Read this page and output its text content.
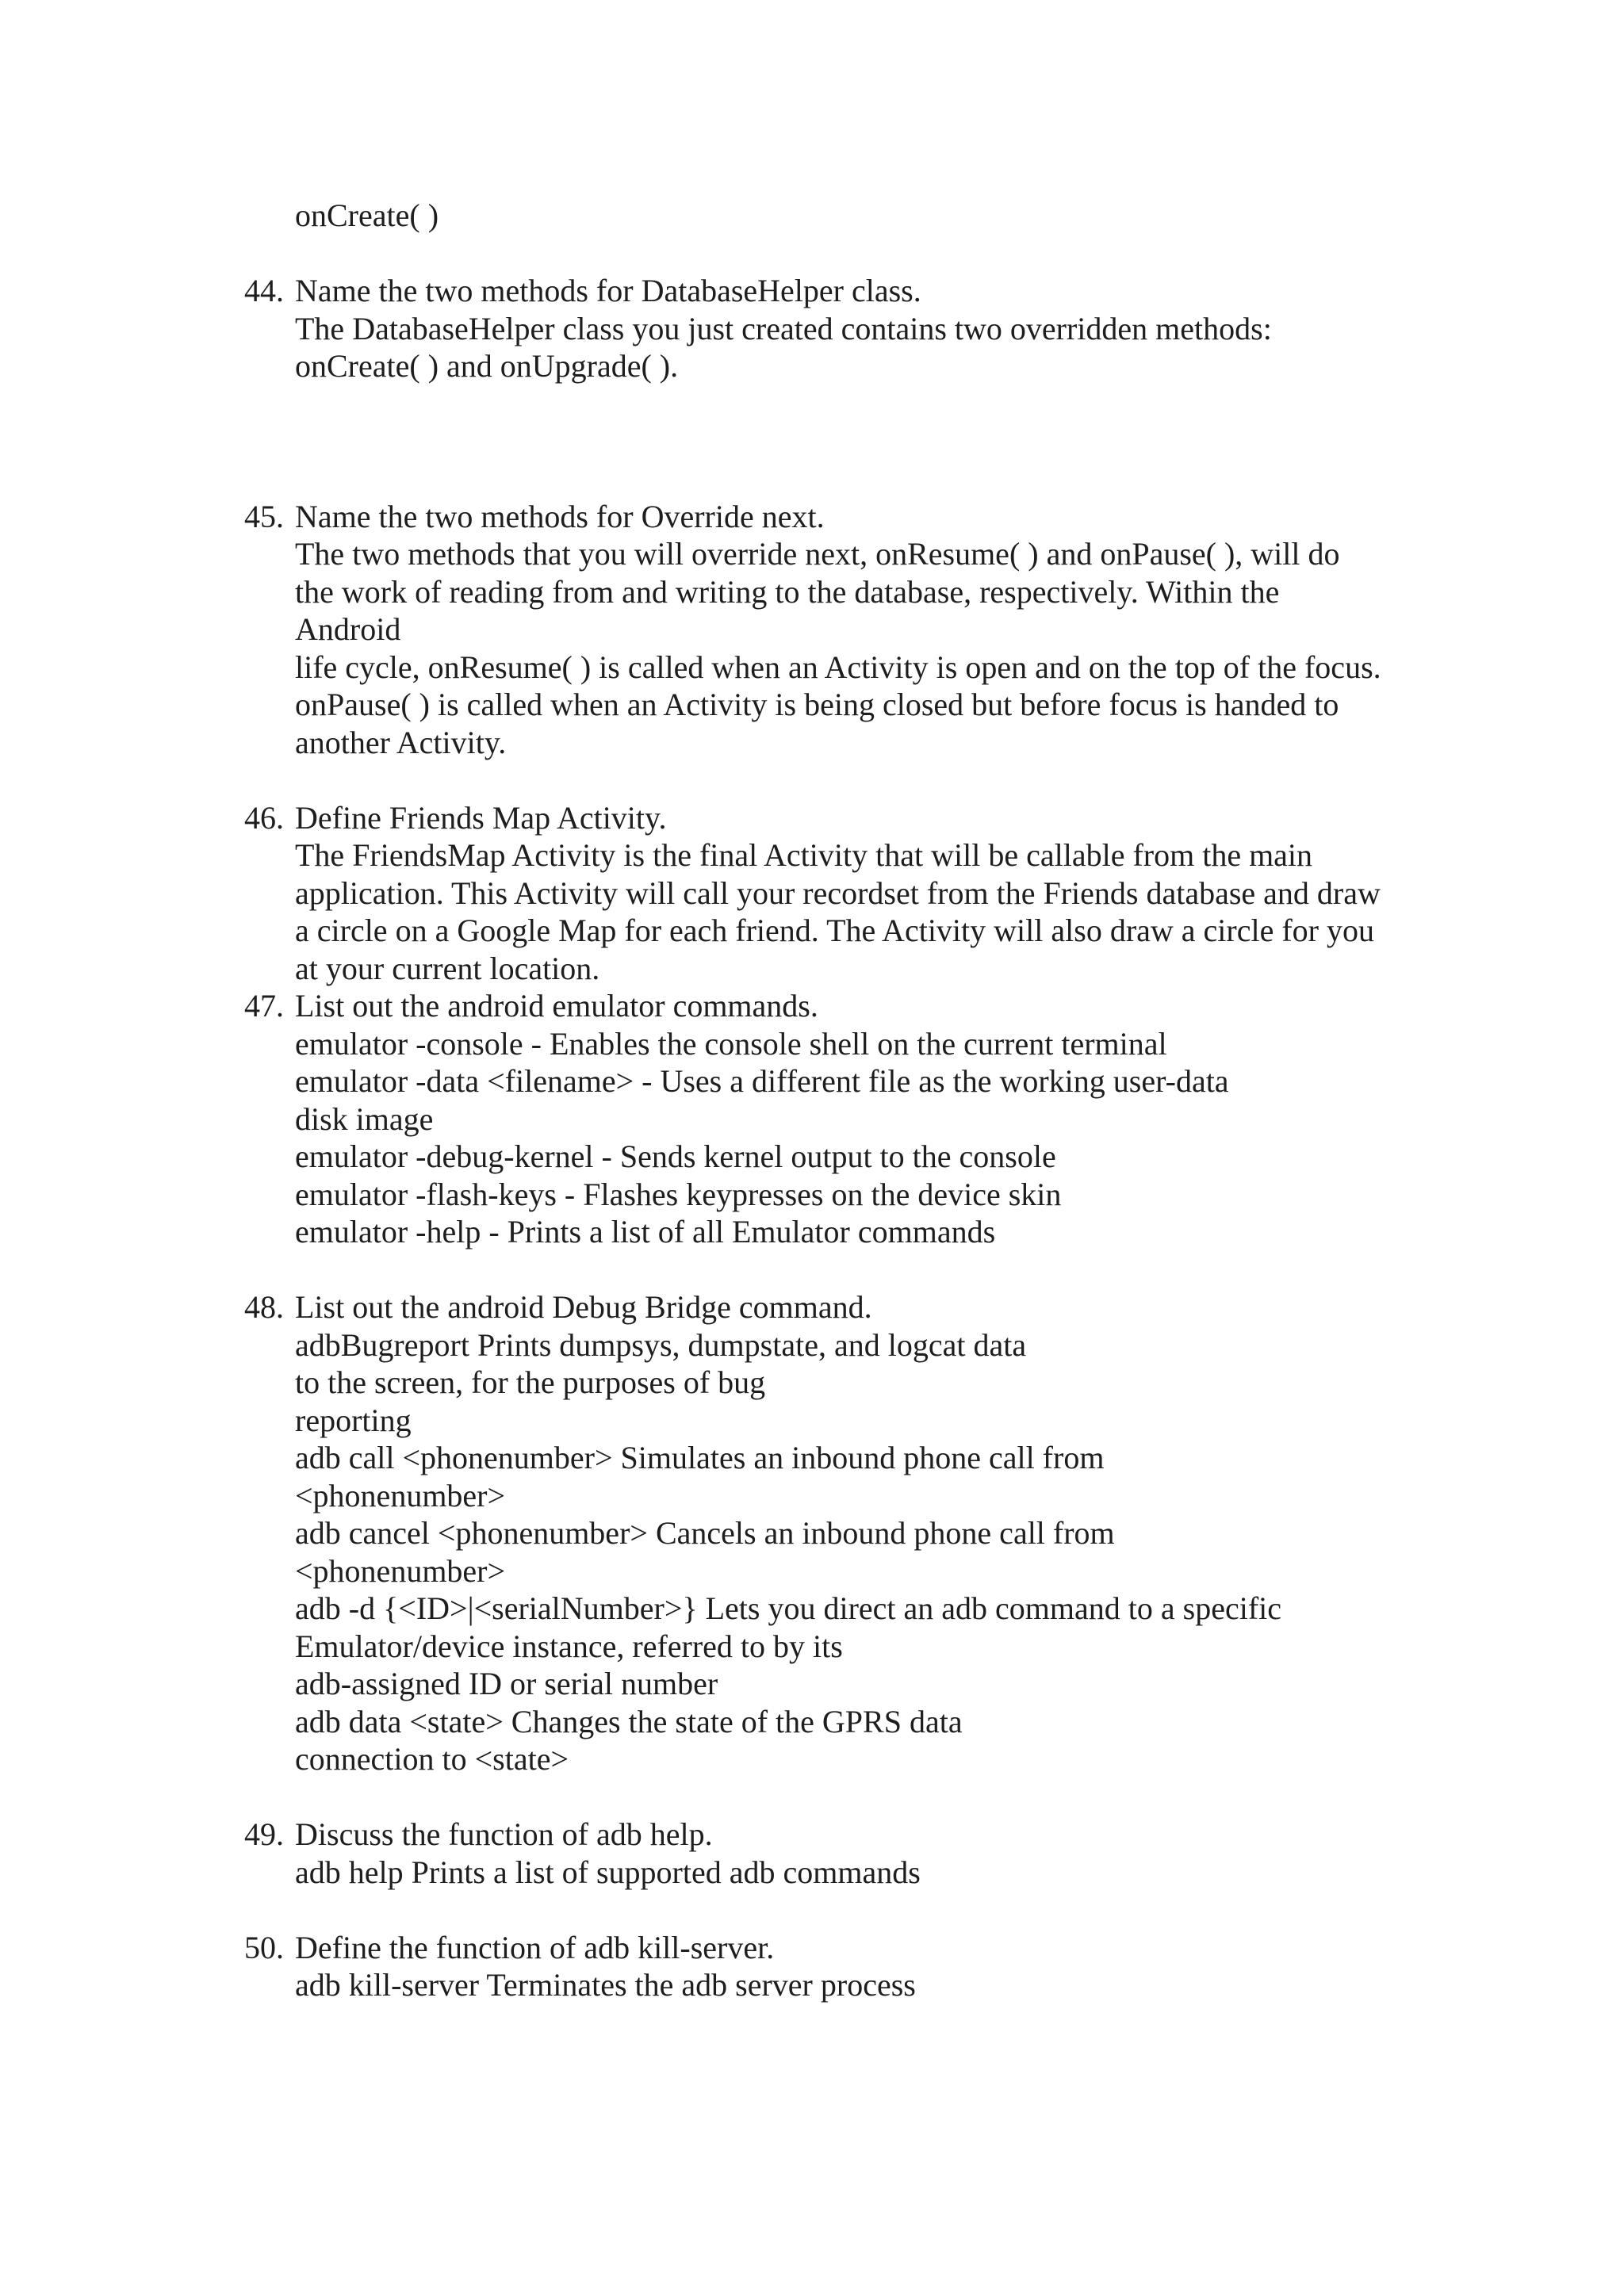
onCreate( )
44. Name the two methods for DatabaseHelper class.
The DatabaseHelper class you just created contains two overridden methods:
onCreate( ) and onUpgrade( ).
45. Name the two methods for Override next.
The two methods that you will override next, onResume( ) and onPause( ), will do
the work of reading from and writing to the database, respectively. Within the
Android
life cycle, onResume( ) is called when an Activity is open and on the top of the focus.
onPause( ) is called when an Activity is being closed but before focus is handed to
another Activity.
46. Define Friends Map Activity.
The FriendsMap Activity is the final Activity that will be callable from the main
application. This Activity will call your recordset from the Friends database and draw
a circle on a Google Map for each friend. The Activity will also draw a circle for you
at your current location.
47. List out the android emulator commands.
emulator -console - Enables the console shell on the current terminal
emulator -data <filename> - Uses a different file as the working user-data
disk image
emulator -debug-kernel - Sends kernel output to the console
emulator -flash-keys - Flashes keypresses on the device skin
emulator -help - Prints a list of all Emulator commands
48. List out the android Debug Bridge command.
adbBugreport Prints dumpsys, dumpstate, and logcat data
to the screen, for the purposes of bug
reporting
adb call <phonenumber> Simulates an inbound phone call from
<phonenumber>
adb cancel <phonenumber> Cancels an inbound phone call from
<phonenumber>
adb -d {<ID>|<serialNumber>} Lets you direct an adb command to a specific
Emulator/device instance, referred to by its
adb-assigned ID or serial number
adb data <state> Changes the state of the GPRS data
connection to <state>
49. Discuss the function of adb help.
adb help Prints a list of supported adb commands
50. Define the function of adb kill-server.
adb kill-server Terminates the adb server process
